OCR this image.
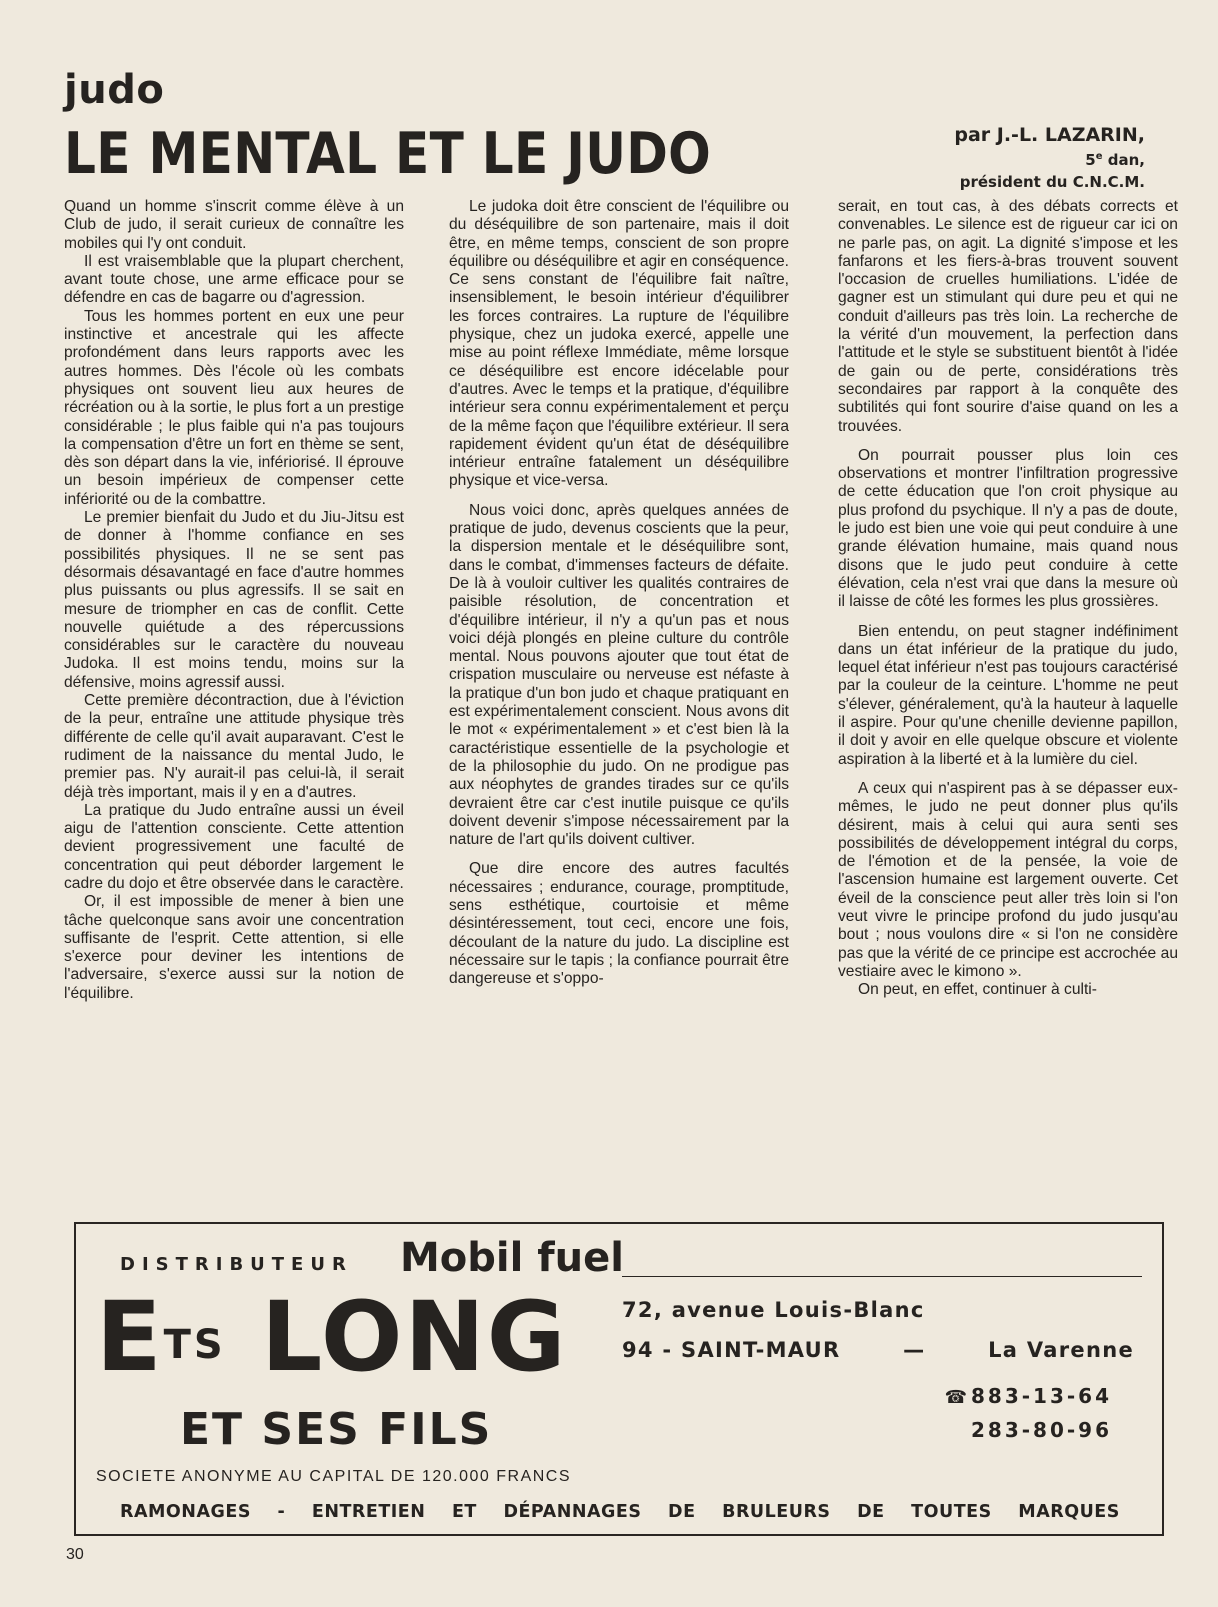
judo
LE MENTAL ET LE JUDO	par J.-L. LAZARIN,
5e dan,
président du C.N.C.M.

Quand un homme s'inscrit comme élève à un Club de judo, il serait curieux de connaître les mobiles qui l'y ont conduit.

Il est vraisemblable que la plupart cherchent, avant toute chose, une arme efficace pour se défendre en cas de bagarre ou d'agression.

Tous les hommes portent en eux une peur instinctive et ancestrale qui les affecte profondément dans leurs rapports avec les autres hommes. Dès l'école où les combats physiques ont souvent lieu aux heures de récréation ou à la sortie, le plus fort a un prestige considérable ; le plus faible qui n'a pas toujours la compensation d'être un fort en thème se sent, dès son départ dans la vie, infériorisé. Il éprouve un besoin impérieux de compenser cette infériorité ou de la combattre.

Le premier bienfait du Judo et du Jiu-Jitsu est de donner à l'homme confiance en ses possibilités physiques. Il ne se sent pas désormais désavantagé en face d'autre hommes plus puissants ou plus agressifs. Il se sait en mesure de triompher en cas de conflit. Cette nouvelle quiétude a des répercussions considérables sur le caractère du nouveau Judoka. Il est moins tendu, moins sur la défensive, moins agressif aussi.

Cette première décontraction, due à l'éviction de la peur, entraîne une attitude physique très différente de celle qu'il avait auparavant. C'est le rudiment de la naissance du mental Judo, le premier pas. N'y aurait-il pas celui-là, il serait déjà très important, mais il y en a d'autres.

La pratique du Judo entraîne aussi un éveil aigu de l'attention consciente. Cette attention devient progressivement une faculté de concentration qui peut déborder largement le cadre du dojo et être observée dans le caractère.

Or, il est impossible de mener à bien une tâche quelconque sans avoir une concentration suffisante de l'esprit. Cette attention, si elle s'exerce pour deviner les intentions de l'adversaire, s'exerce aussi sur la notion de l'équilibre.

Le judoka doit être conscient de l'équilibre ou du déséquilibre de son partenaire, mais il doit être, en même temps, conscient de son propre équilibre ou déséquilibre et agir en conséquence. Ce sens constant de l'équilibre fait naître, insensiblement, le besoin intérieur d'équilibrer les forces contraires. La rupture de l'équilibre physique, chez un judoka exercé, appelle une mise au point réflexe Immédiate, même lorsque ce déséquilibre est encore idécelable pour d'autres. Avec le temps et la pratique, d'équilibre intérieur sera connu expérimentalement et perçu de la même façon que l'équilibre extérieur. Il sera rapidement évident qu'un état de déséquilibre intérieur entraîne fatalement un déséquilibre physique et vice-versa.

Nous voici donc, après quelques années de pratique de judo, devenus coscients que la peur, la dispersion mentale et le déséquilibre sont, dans le combat, d'immenses facteurs de défaite. De là à vouloir cultiver les qualités contraires de paisible résolution, de concentration et d'équilibre intérieur, il n'y a qu'un pas et nous voici déjà plongés en pleine culture du contrôle mental. Nous pouvons ajouter que tout état de crispation musculaire ou nerveuse est néfaste à la pratique d'un bon judo et chaque pratiquant en est expérimentalement conscient. Nous avons dit le mot « expérimentalement » et c'est bien là la caractéristique essentielle de la psychologie et de la philosophie du judo. On ne prodigue pas aux néophytes de grandes tirades sur ce qu'ils devraient être car c'est inutile puisque ce qu'ils doivent devenir s'impose nécessairement par la nature de l'art qu'ils doivent cultiver.

Que dire encore des autres facultés nécessaires ; endurance, courage, promptitude, sens esthétique, courtoisie et même désintéressement, tout ceci, encore une fois, découlant de la nature du judo. La discipline est nécessaire sur le tapis ; la confiance pourrait être dangereuse et s'oppo-

serait, en tout cas, à des débats corrects et convenables. Le silence est de rigueur car ici on ne parle pas, on agit. La dignité s'impose et les fanfarons et les fiers-à-bras trouvent souvent l'occasion de cruelles humiliations. L'idée de gagner est un stimulant qui dure peu et qui ne conduit d'ailleurs pas très loin. La recherche de la vérité d'un mouvement, la perfection dans l'attitude et le style se substituent bientôt à l'idée de gain ou de perte, considérations très secondaires par rapport à la conquête des subtilités qui font sourire d'aise quand on les a trouvées.

On pourrait pousser plus loin ces observations et montrer l'infiltration progressive de cette éducation que l'on croit physique au plus profond du psychique. Il n'y a pas de doute, le judo est bien une voie qui peut conduire à une grande élévation humaine, mais quand nous disons que le judo peut conduire à cette élévation, cela n'est vrai que dans la mesure où il laisse de côté les formes les plus grossières.

Bien entendu, on peut stagner indéfiniment dans un état inférieur de la pratique du judo, lequel état inférieur n'est pas toujours caractérisé par la couleur de la ceinture. L'homme ne peut s'élever, généralement, qu'à la hauteur à laquelle il aspire. Pour qu'une chenille devienne papillon, il doit y avoir en elle quelque obscure et violente aspiration à la liberté et à la lumière du ciel.

A ceux qui n'aspirent pas à se dépasser eux-mêmes, le judo ne peut donner plus qu'ils désirent, mais à celui qui aura senti ses possibilités de développement intégral du corps, de l'émotion et de la pensée, la voie de l'ascension humaine est largement ouverte. Cet éveil de la conscience peut aller très loin si l'on veut vivre le principe profond du judo jusqu'au bout ; nous voulons dire « si l'on ne considère pas que la vérité de ce principe est accrochée au vestiaire avec le kimono ».

On peut, en effet, continuer à culti-

DISTRIBUTEUR Mobil fuel
$E^{TS}$ LONG
ET SES FILS
SOCIETE ANONYME AU CAPITAL DE 120.000 FRANCS
72, avenue Louis-Blanc
94 - SAINT-MAUR	—	La Varenne
☎ 883-13-64
283-80-96
RAMONAGES - ENTRETIEN ET DÉPANNAGES DE BRULEURS DE TOUTES MARQUES
30
